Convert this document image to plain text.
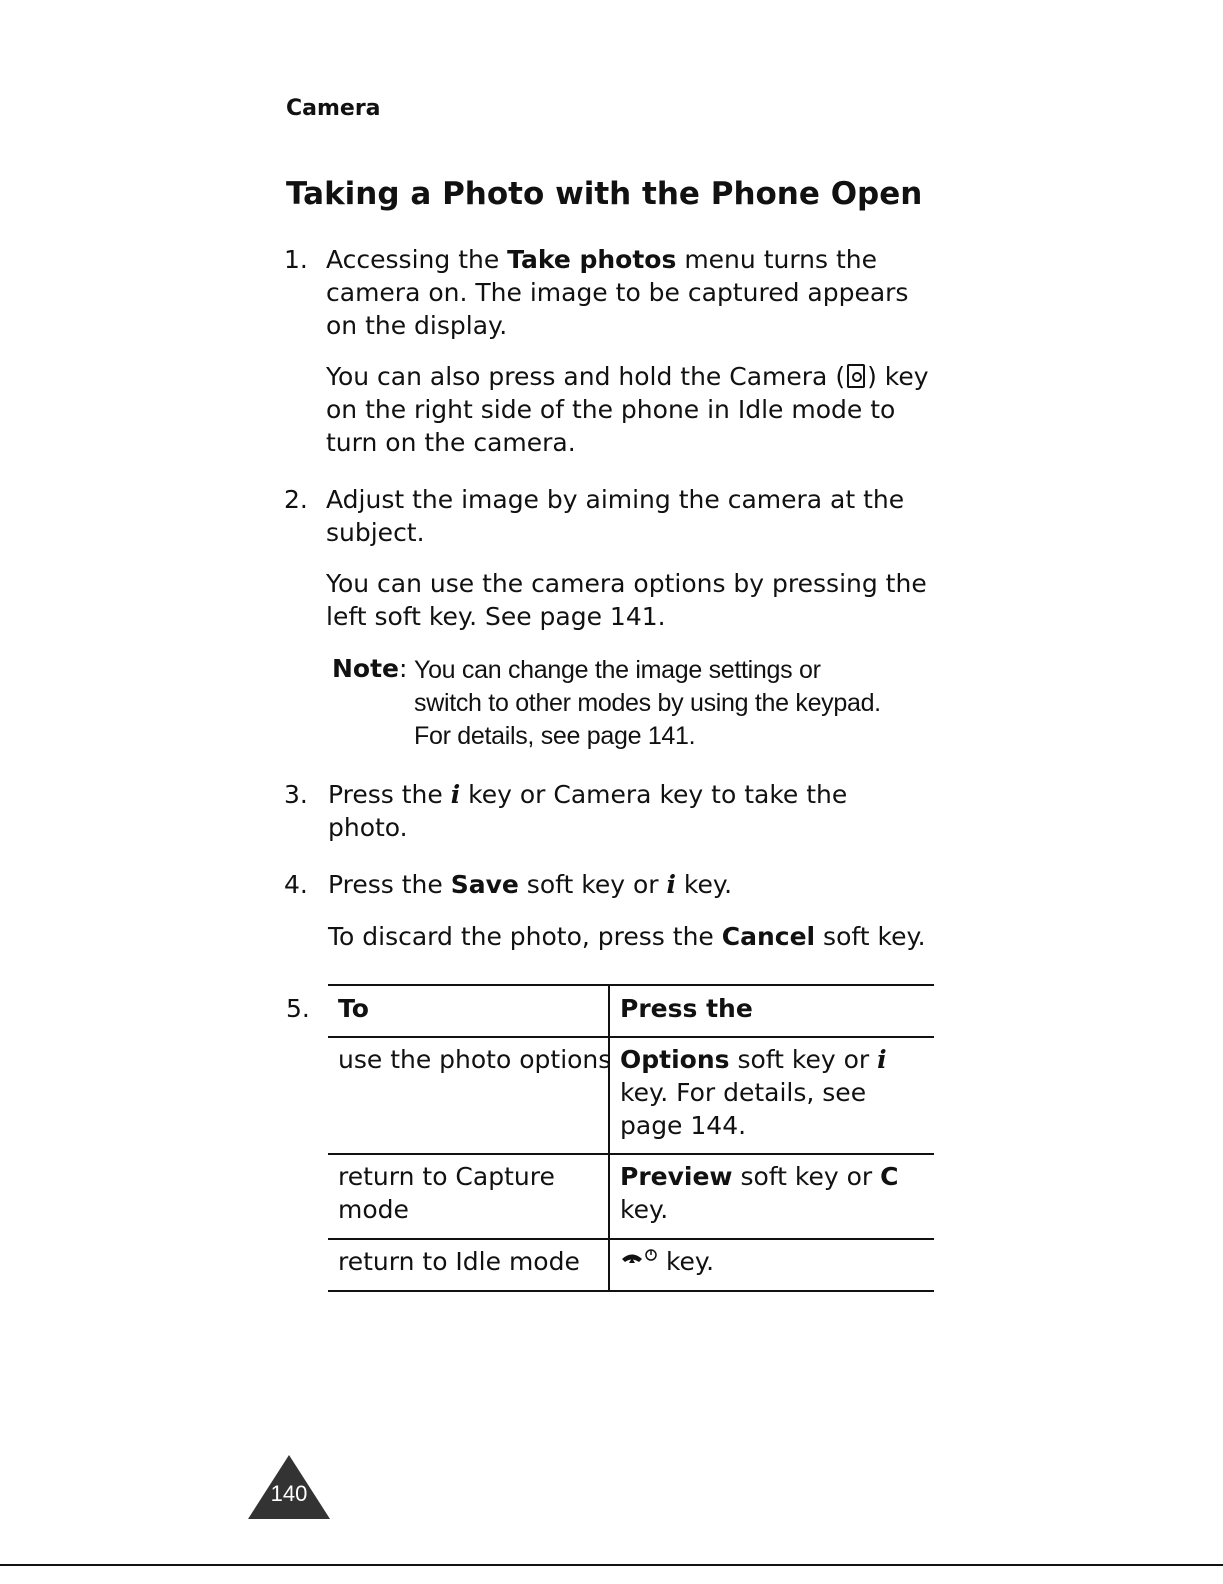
Camera
Taking a Photo with the Phone Open
1. Accessing the Take photos menu turns the
camera on. The image to be captured appears
on the display.
You can also press and hold the Camera ( ) key
on the right side of the phone in Idle mode to
turn on the camera.
2. Adjust the image by aiming the camera at the
subject.
You can use the camera options by pressing the
left soft key. See page 141.
Note: You can change the image settings or
switch to other modes by using the keypad.
For details, see page 141.
3. Press the i key or Camera key to take the
photo.
4. Press the Save soft key or i key.
To discard the photo, press the Cancel soft key.
5. To	Press the
use the photo options Options soft key or i
key. For details, see
page 144.
return to Capture
mode
Preview soft key or C
key.
return to Idle mode	key.
140
